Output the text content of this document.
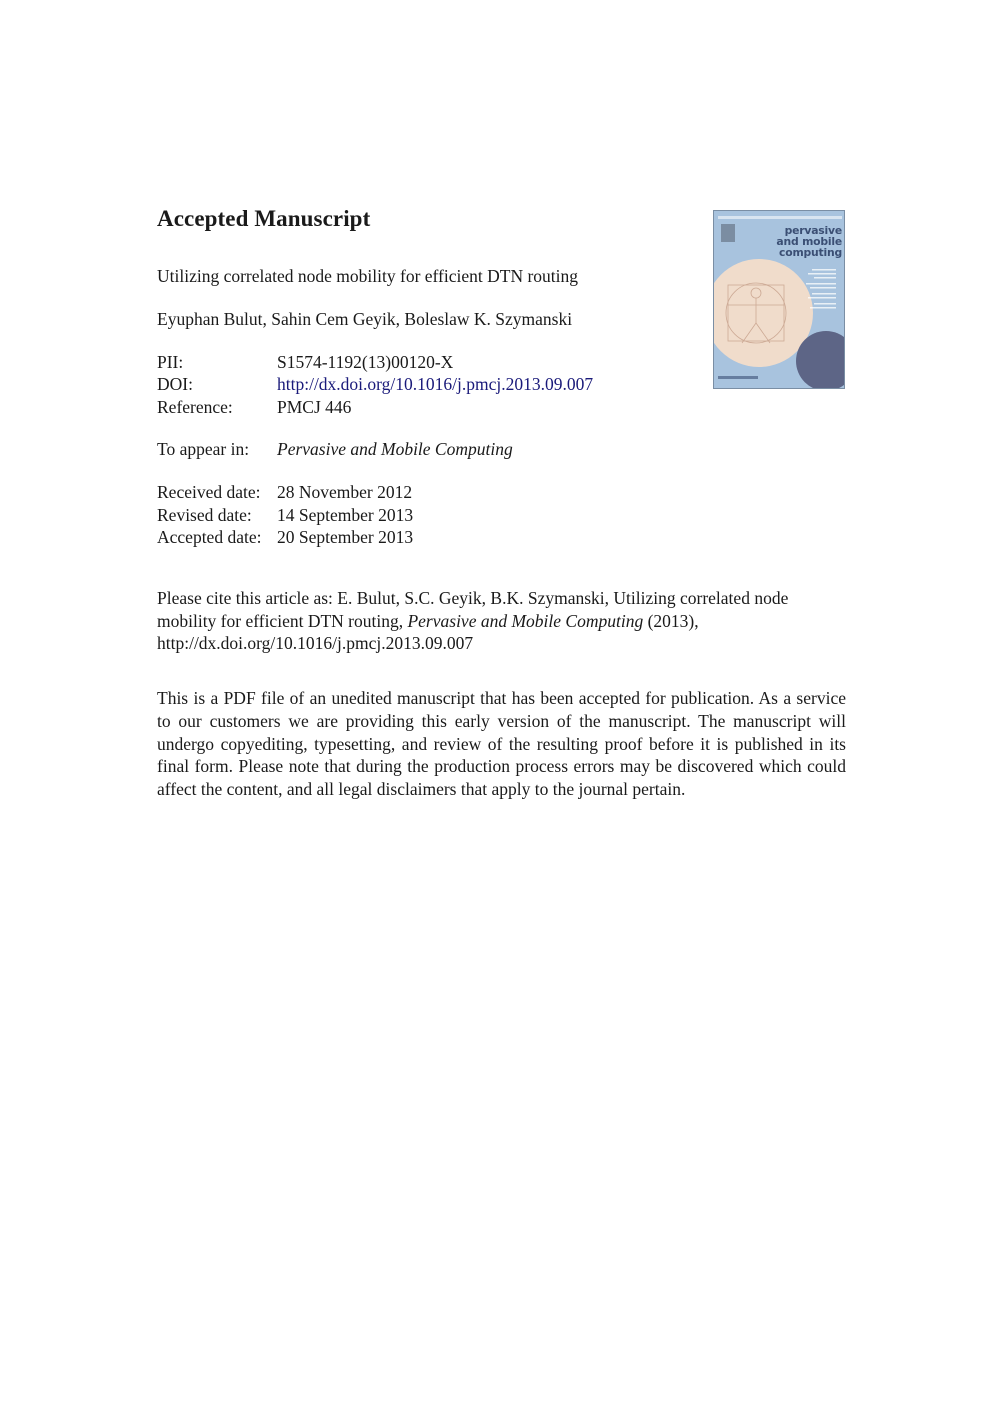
Accepted Manuscript

Utilizing correlated node mobility for efficient DTN routing

Eyuphan Bulut, Sahin Cem Geyik, Boleslaw K. Szymanski

PII:	S1574-1192(13)00120-X
DOI:	http://dx.doi.org/10.1016/j.pmcj.2013.09.007
Reference:	PMCJ 446
To appear in: Pervasive and Mobile Computing
Received date: 28 November 2012
Revised date: 14 September 2013
Accepted date: 20 September 2013

Please cite this article as: E. Bulut, S.C. Geyik, B.K. Szymanski, Utilizing correlated node mobility for efficient DTN routing, Pervasive and Mobile Computing (2013), http://dx.doi.org/10.1016/j.pmcj.2013.09.007

This is a PDF file of an unedited manuscript that has been accepted for publication. As a service to our customers we are providing this early version of the manuscript. The manuscript will undergo copyediting, typesetting, and review of the resulting proof before it is published in its final form. Please note that during the production process errors may be discovered which could affect the content, and all legal disclaimers that apply to the journal pertain.

pervasive
and mobile
computing
